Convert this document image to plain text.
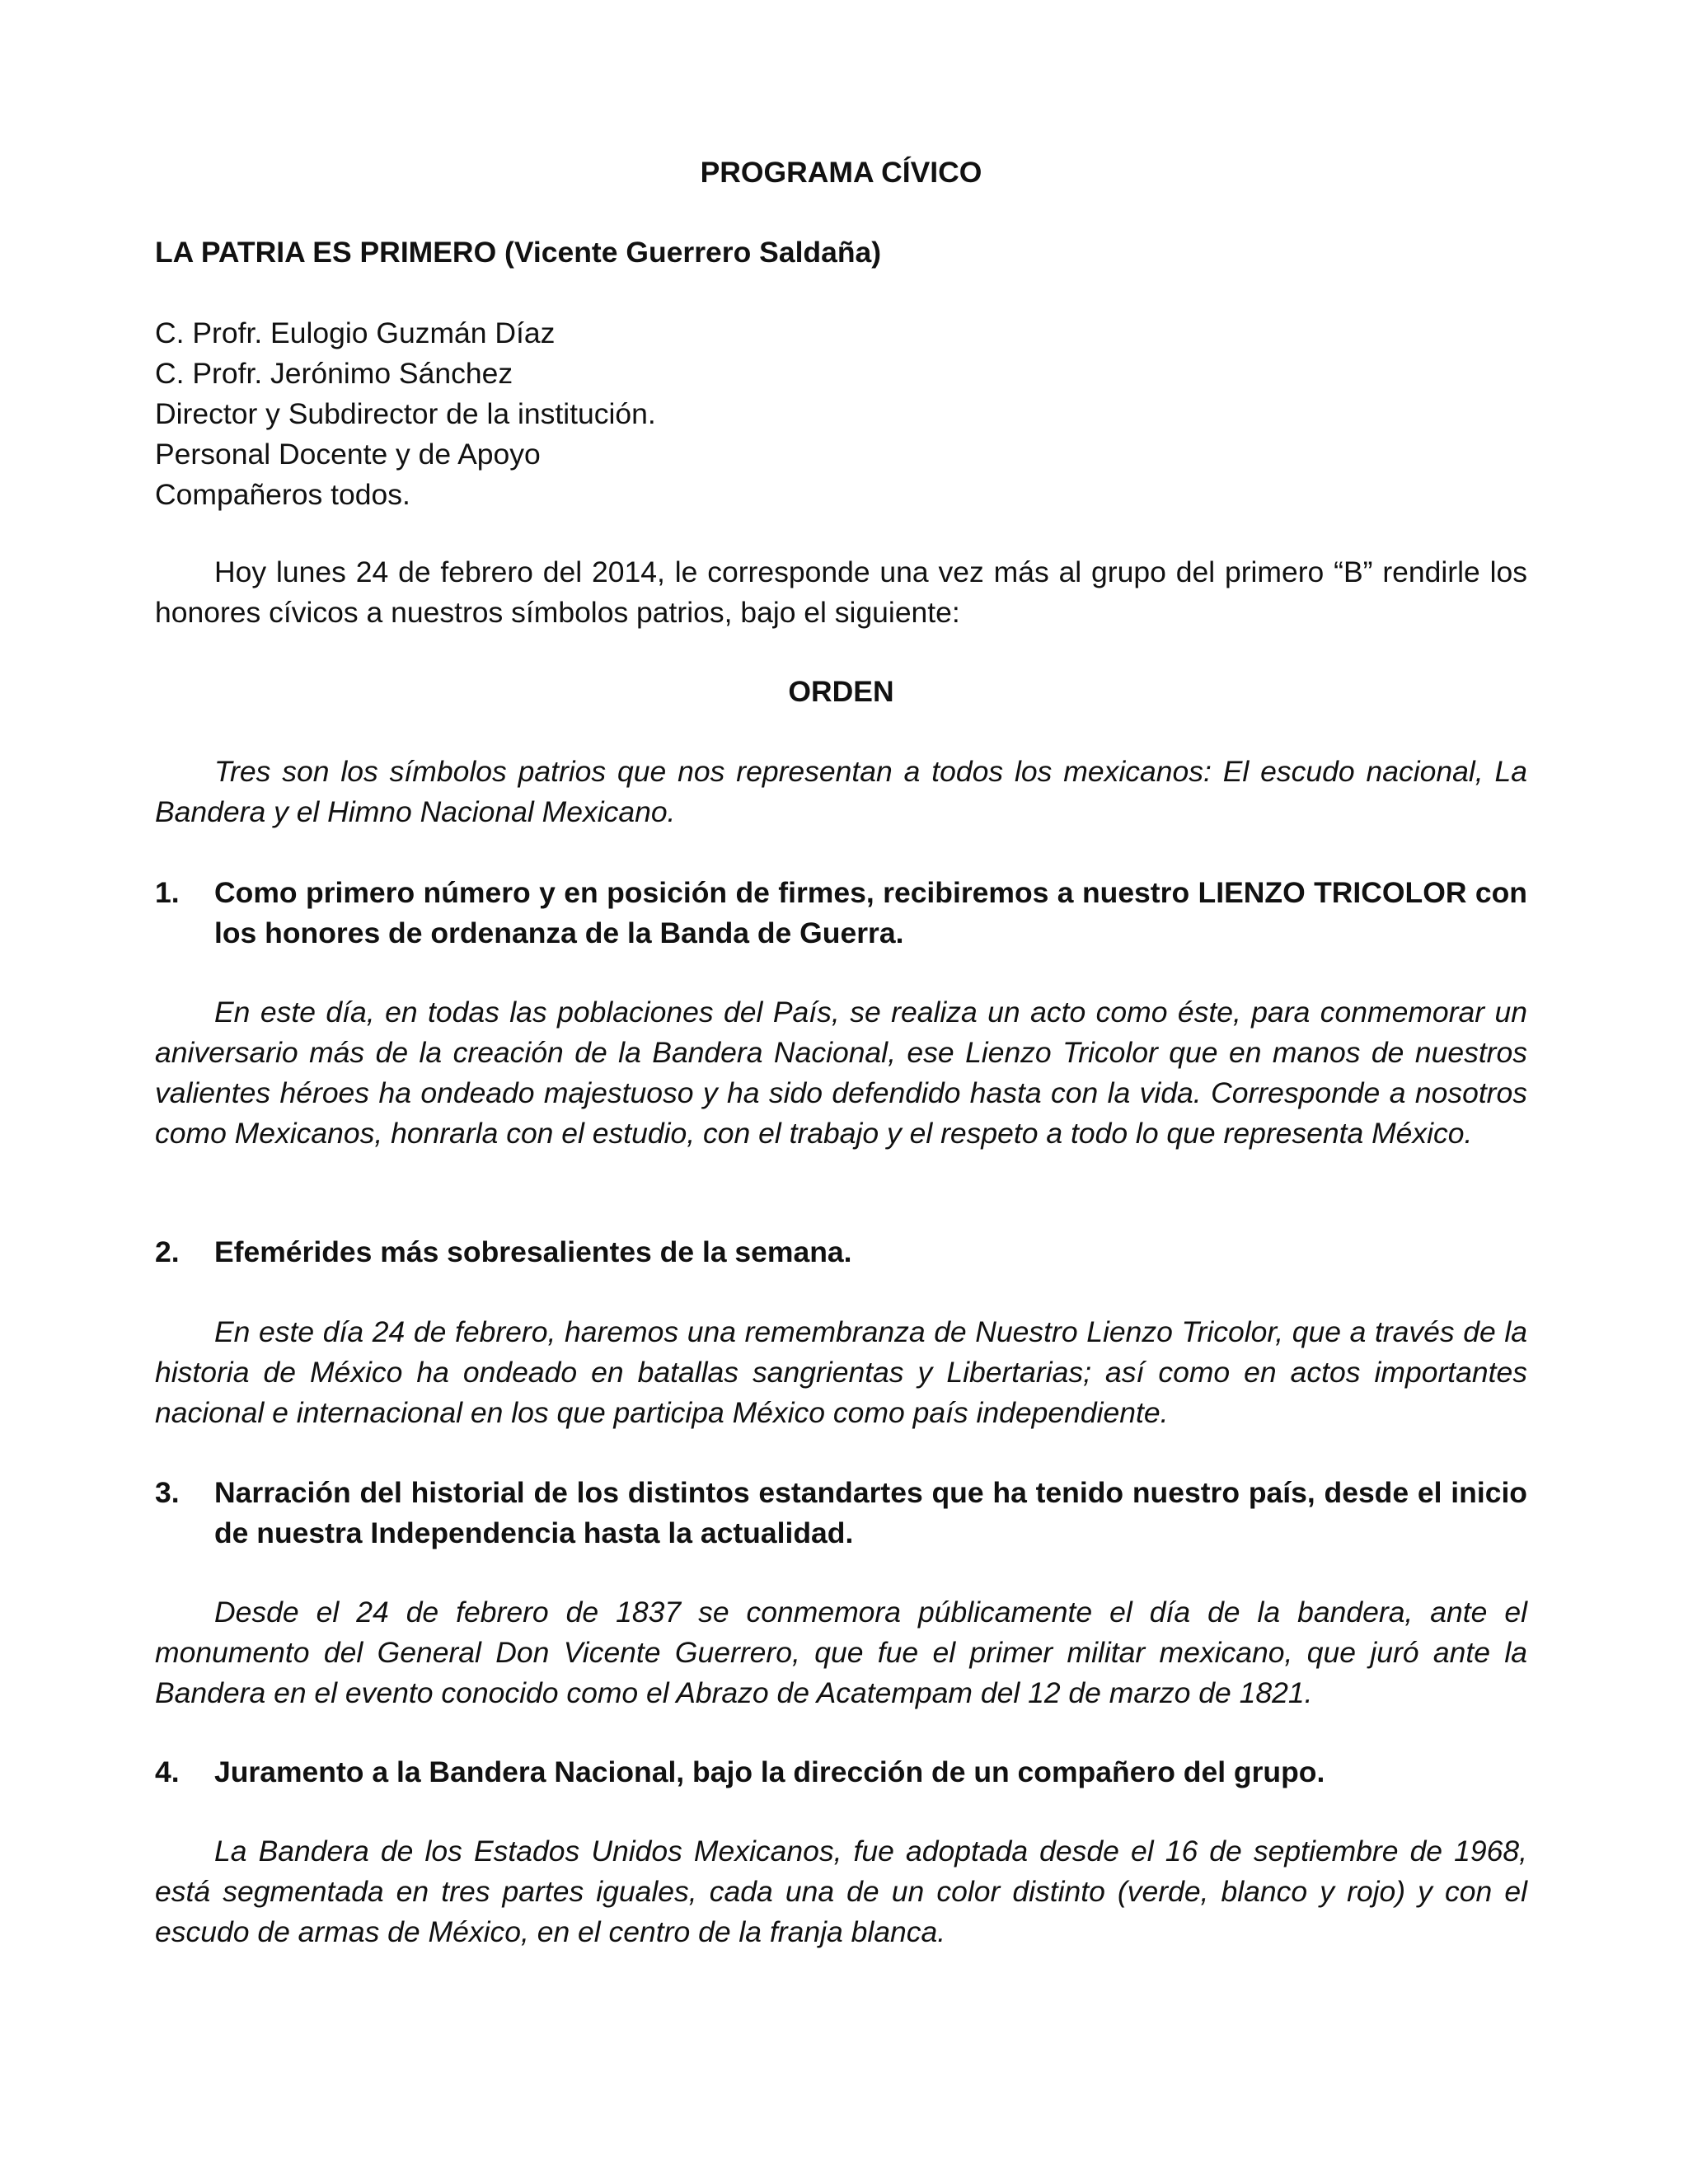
PROGRAMA CÍVICO
LA PATRIA ES PRIMERO (Vicente Guerrero Saldaña)
C. Profr. Eulogio Guzmán Díaz
C. Profr. Jerónimo Sánchez
Director y Subdirector de la institución.
Personal Docente y de Apoyo
Compañeros todos.
Hoy lunes 24 de febrero del 2014, le corresponde una vez más al grupo del primero “B” rendirle los honores cívicos a nuestros símbolos patrios, bajo el siguiente:
ORDEN
Tres son los símbolos patrios que nos representan a todos los mexicanos: El escudo nacional, La Bandera y el Himno Nacional Mexicano.
1.	Como primero número y en posición de firmes, recibiremos a nuestro LIENZO TRICOLOR con los honores de ordenanza de la Banda de Guerra.
En este día, en todas las poblaciones del País, se realiza un acto como éste, para conmemorar un aniversario más de la creación de la Bandera Nacional, ese Lienzo Tricolor que en manos de nuestros valientes héroes ha ondeado majestuoso y ha sido defendido hasta con la vida. Corresponde a nosotros como Mexicanos, honrarla con el estudio, con el trabajo y el respeto a todo lo que representa México.
2.	Efemérides más sobresalientes de la semana.
En este día 24 de febrero, haremos una remembranza de Nuestro Lienzo Tricolor, que a través de la historia de México ha ondeado en batallas sangrientas y Libertarias; así como en actos importantes nacional e internacional en los que participa México como país independiente.
3.	Narración del historial de los distintos estandartes que ha tenido nuestro país, desde el inicio de nuestra Independencia hasta la actualidad.
Desde el 24 de febrero de 1837 se conmemora públicamente el día de la bandera, ante el monumento del General Don Vicente Guerrero, que fue el primer militar mexicano, que juró ante la Bandera en el evento conocido como el Abrazo de Acatempam del 12 de marzo de 1821.
4.	Juramento a la Bandera Nacional, bajo la dirección de un compañero del grupo.
La Bandera de los Estados Unidos Mexicanos, fue adoptada desde el 16 de septiembre de 1968, está segmentada en tres partes iguales, cada una de un color distinto (verde, blanco y rojo) y con el escudo de armas de México, en el centro de la franja blanca.
